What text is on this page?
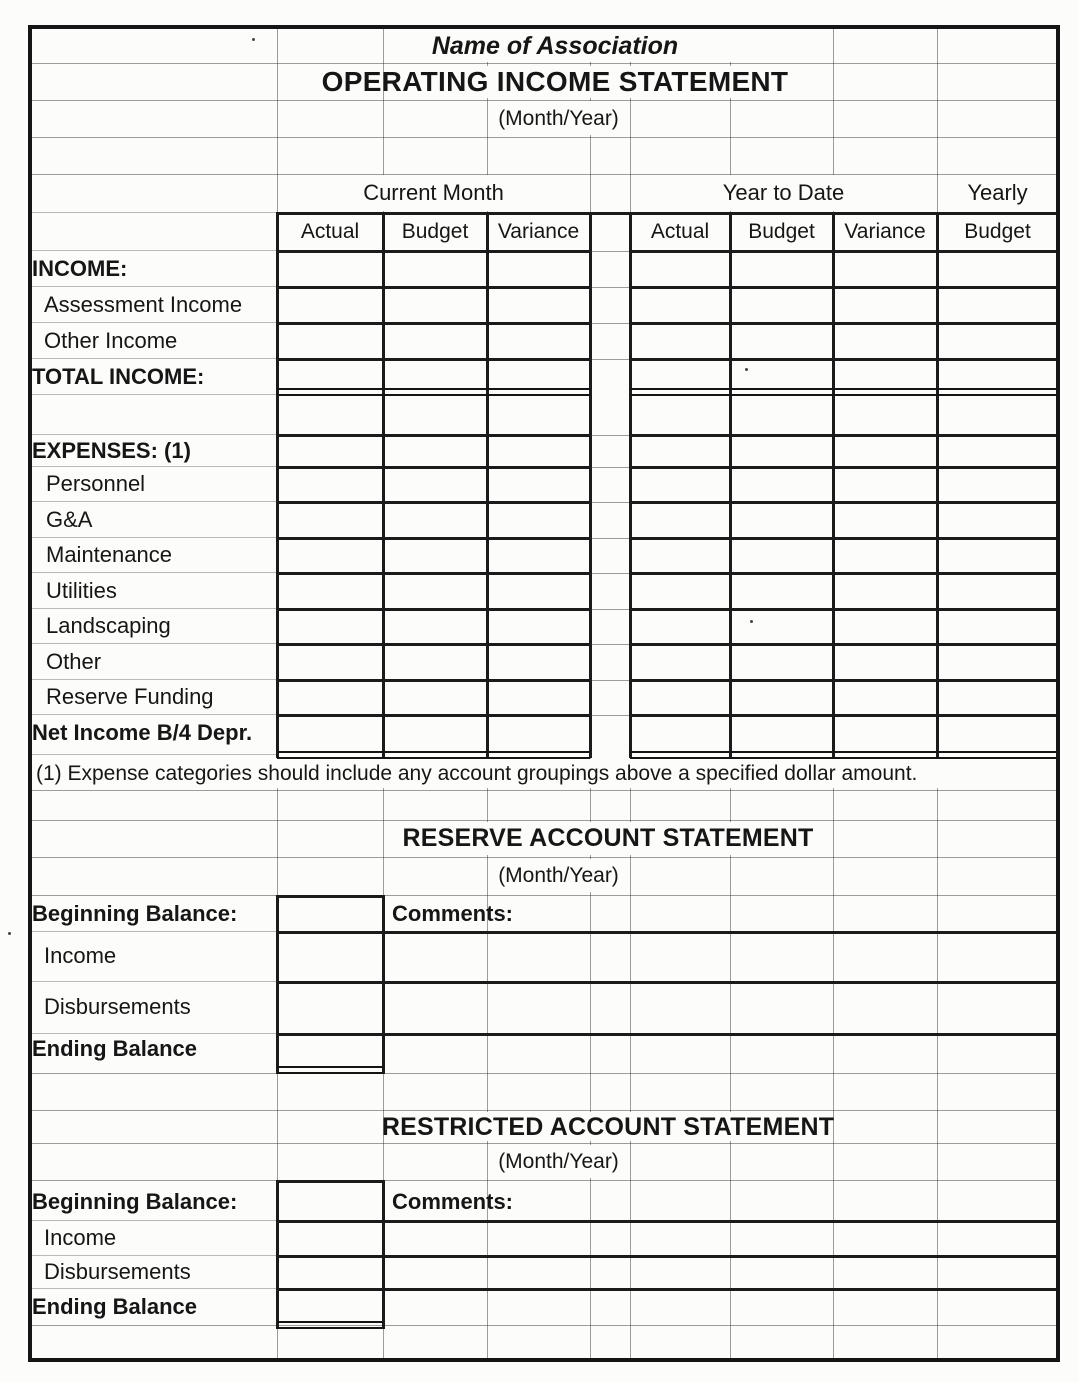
Name of Association
OPERATING INCOME STATEMENT
(Month/Year)
Current Month	Year to Date	Yearly
Actual	Budget	Variance	Actual	Budget	Variance	Budget
INCOME:
Assessment Income
Other Income
TOTAL INCOME:
EXPENSES: (1)
Personnel
G&A
Maintenance
Utilities
Landscaping
Other
Reserve Funding
Net Income B/4 Depr.
(1) Expense categories should include any account groupings above a specified dollar amount.
RESERVE ACCOUNT STATEMENT
(Month/Year)
Beginning Balance:	Comments:
Income
Disbursements
Ending Balance
RESTRICTED ACCOUNT STATEMENT
(Month/Year)
Beginning Balance:	Comments:
Income
Disbursements
Ending Balance
